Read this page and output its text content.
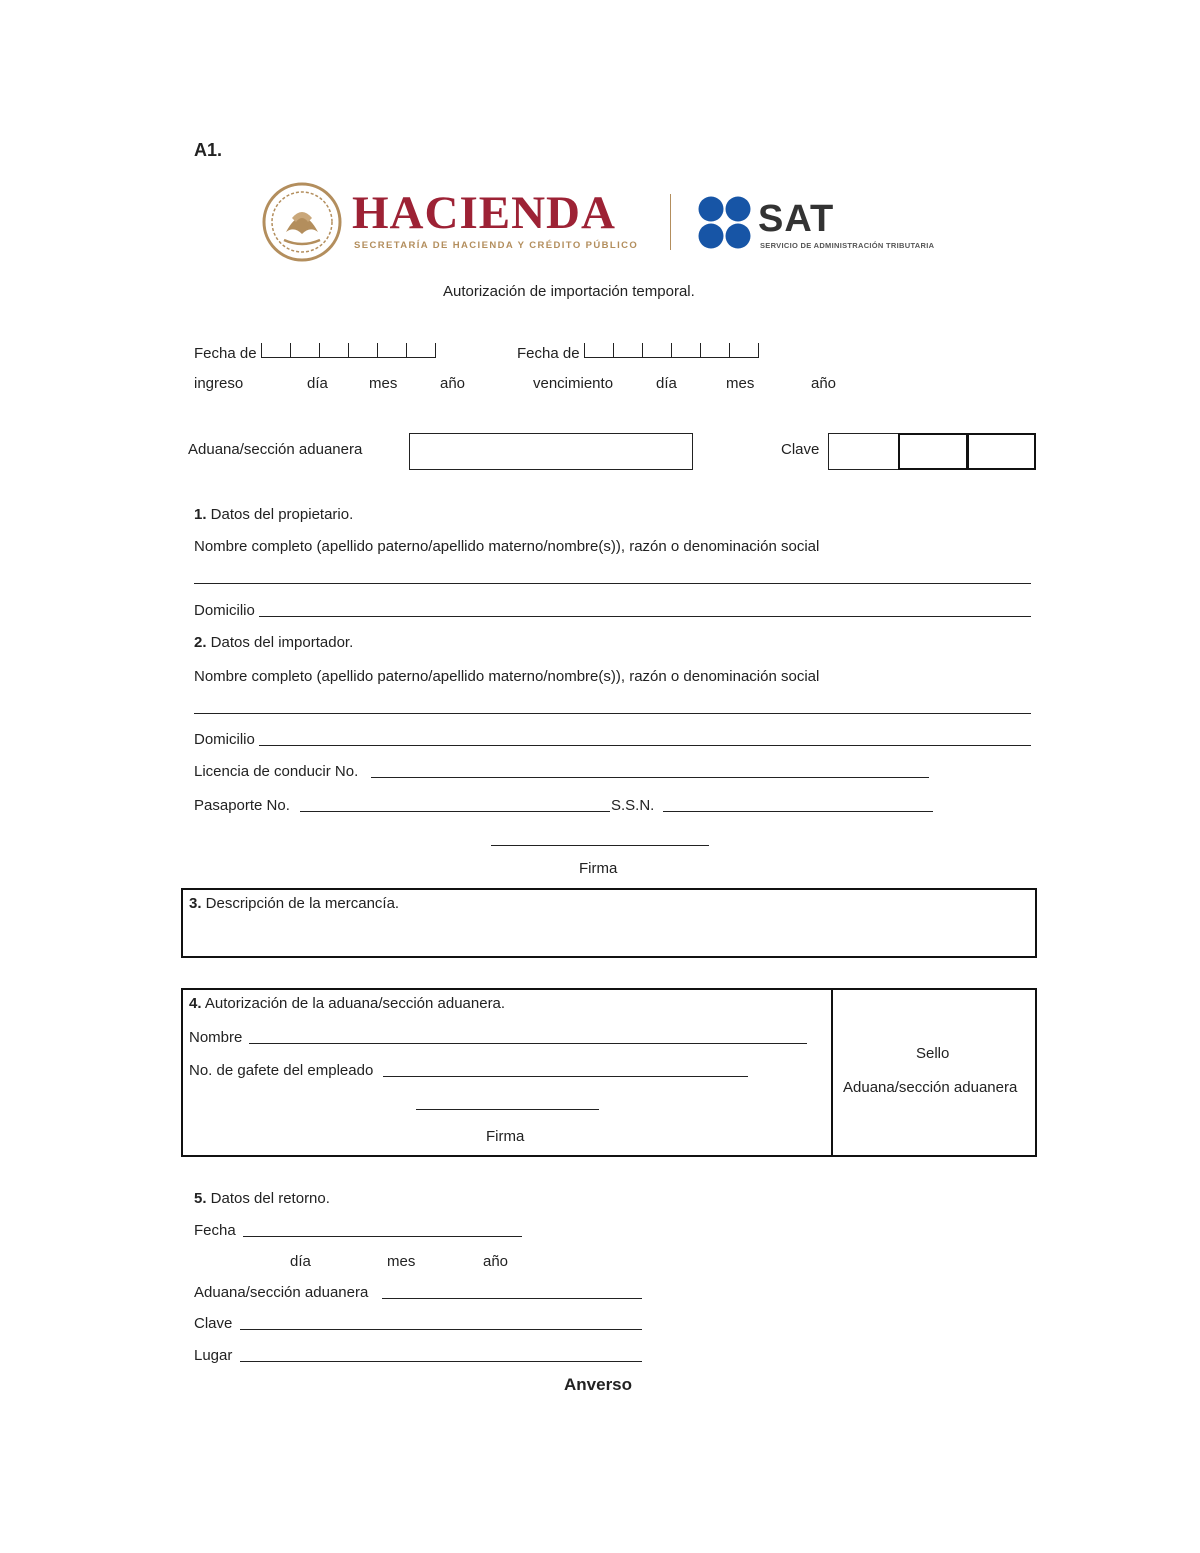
A1.
HACIENDA
SECRETARÍA DE HACIENDA Y CRÉDITO PÚBLICO
SAT
SERVICIO DE ADMINISTRACIÓN TRIBUTARIA
Autorización de importación temporal.
Fecha de
ingreso	día	mes	año
Fecha de
vencimiento	día	mes	año
Aduana/sección aduanera	Clave
1. Datos del propietario.
Nombre completo (apellido paterno/apellido materno/nombre(s)), razón o denominación social
Domicilio
2. Datos del importador.
Nombre completo (apellido paterno/apellido materno/nombre(s)), razón o denominación social
Domicilio
Licencia de conducir No.
Pasaporte No.	S.S.N.
Firma
3. Descripción de la mercancía.
4. Autorización de la aduana/sección aduanera.
Nombre
No. de gafete del empleado
Firma
Sello
Aduana/sección aduanera
5. Datos del retorno.
Fecha
día	mes	año
Aduana/sección aduanera
Clave
Lugar
Anverso
